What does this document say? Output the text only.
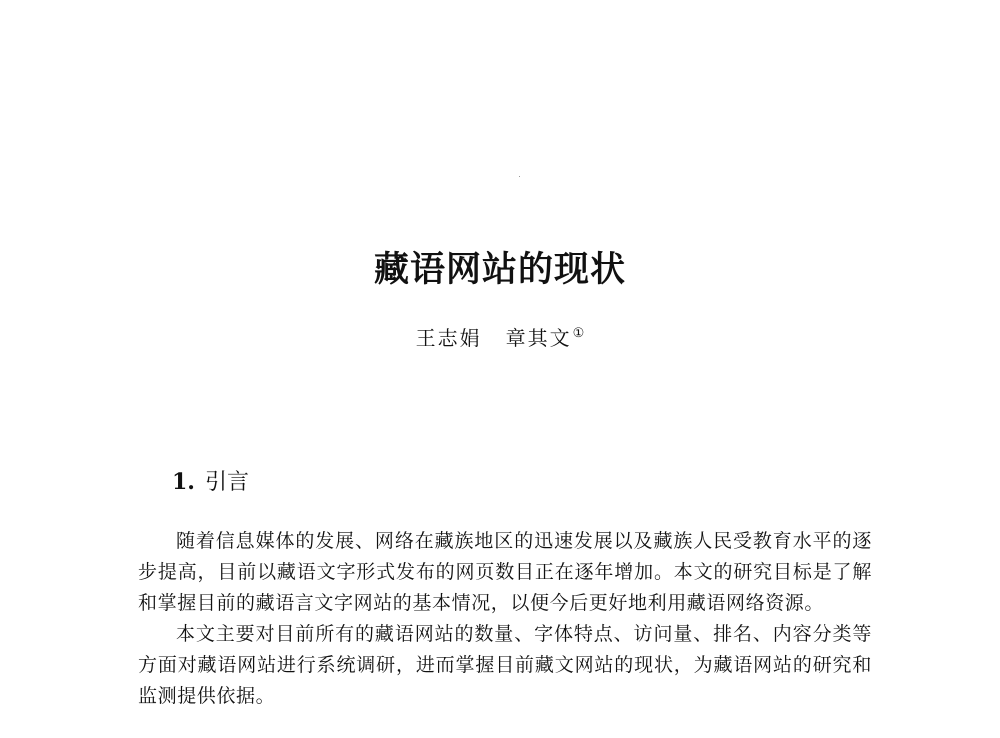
藏语网站的现状
王志娟 章其文①
1. 引言

随着信息媒体的发展、网络在藏族地区的迅速发展以及藏族人民受教育水平的逐步提高，目前以藏语文字形式发布的网页数目正在逐年增加。本文的研究目标是了解和掌握目前的藏语言文字网站的基本情况，以便今后更好地利用藏语网络资源。

本文主要对目前所有的藏语网站的数量、字体特点、访问量、排名、内容分类等方面对藏语网站进行系统调研，进而掌握目前藏文网站的现状，为藏语网站的研究和监测提供依据。
